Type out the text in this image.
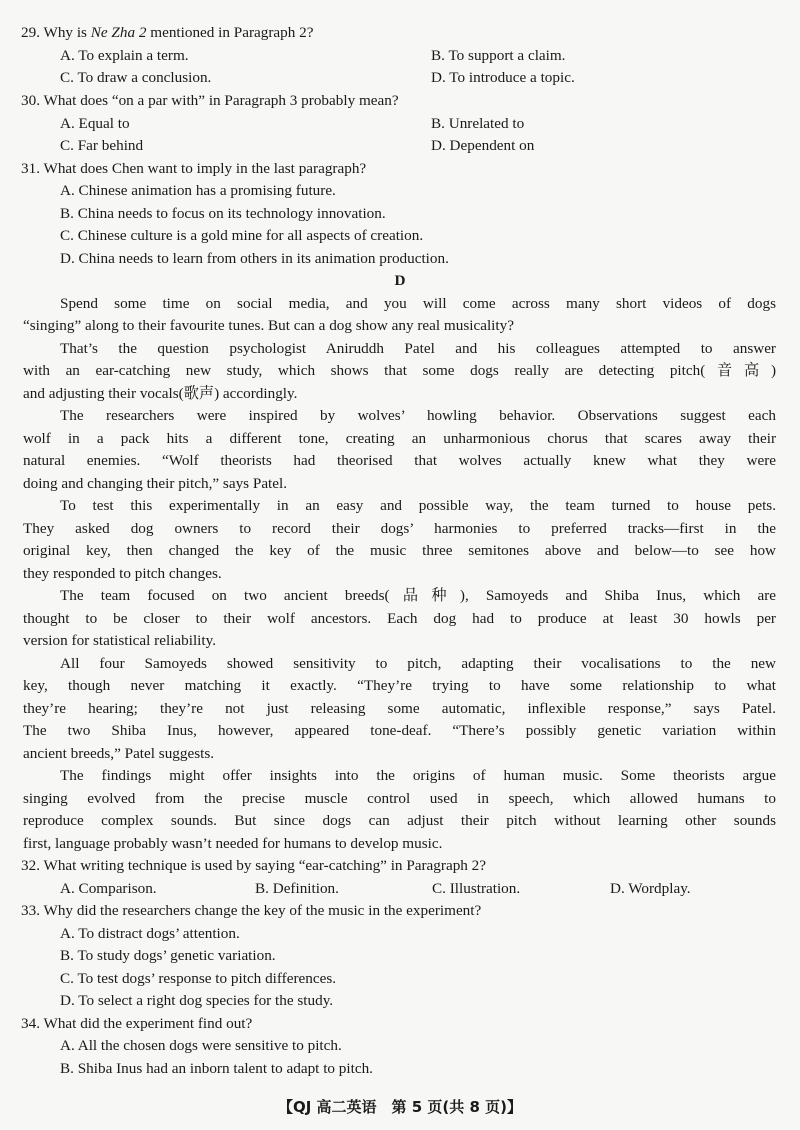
29. Why is Ne Zha 2 mentioned in Paragraph 2?
A. To explain a term.	B. To support a claim.
C. To draw a conclusion.	D. To introduce a topic.
30. What does “on a par with” in Paragraph 3 probably mean?
A. Equal to	B. Unrelated to
C. Far behind	D. Dependent on
31. What does Chen want to imply in the last paragraph?
A. Chinese animation has a promising future.
B. China needs to focus on its technology innovation.
C. Chinese culture is a gold mine for all aspects of creation.
D. China needs to learn from others in its animation production.
D
Spend some time on social media, and you will come across many short videos of dogs
“singing” along to their favourite tunes. But can a dog show any real musicality?
That’s the question psychologist Aniruddh Patel and his colleagues attempted to answer
with an ear-catching new study, which shows that some dogs really are detecting pitch(音高)
and adjusting their vocals(歌声) accordingly.
The researchers were inspired by wolves’ howling behavior. Observations suggest each
wolf in a pack hits a different tone, creating an unharmonious chorus that scares away their
natural enemies. “Wolf theorists had theorised that wolves actually knew what they were
doing and changing their pitch,” says Patel.
To test this experimentally in an easy and possible way, the team turned to house pets.
They asked dog owners to record their dogs’ harmonies to preferred tracks—first in the
original key, then changed the key of the music three semitones above and below—to see how
they responded to pitch changes.
The team focused on two ancient breeds(品种), Samoyeds and Shiba Inus, which are
thought to be closer to their wolf ancestors. Each dog had to produce at least 30 howls per
version for statistical reliability.
All four Samoyeds showed sensitivity to pitch, adapting their vocalisations to the new
key, though never matching it exactly. “They’re trying to have some relationship to what
they’re hearing; they’re not just releasing some automatic, inflexible response,” says Patel.
The two Shiba Inus, however, appeared tone-deaf. “There’s possibly genetic variation within
ancient breeds,” Patel suggests.
The findings might offer insights into the origins of human music. Some theorists argue
singing evolved from the precise muscle control used in speech, which allowed humans to
reproduce complex sounds. But since dogs can adjust their pitch without learning other sounds
first, language probably wasn’t needed for humans to develop music.
32. What writing technique is used by saying “ear-catching” in Paragraph 2?
A. Comparison.	B. Definition.	C. Illustration.	D. Wordplay.
33. Why did the researchers change the key of the music in the experiment?
A. To distract dogs’ attention.
B. To study dogs’ genetic variation.
C. To test dogs’ response to pitch differences.
D. To select a right dog species for the study.
34. What did the experiment find out?
A. All the chosen dogs were sensitive to pitch.
B. Shiba Inus had an inborn talent to adapt to pitch.
【QJ 高二英语　第 5 页(共 8 页)】
